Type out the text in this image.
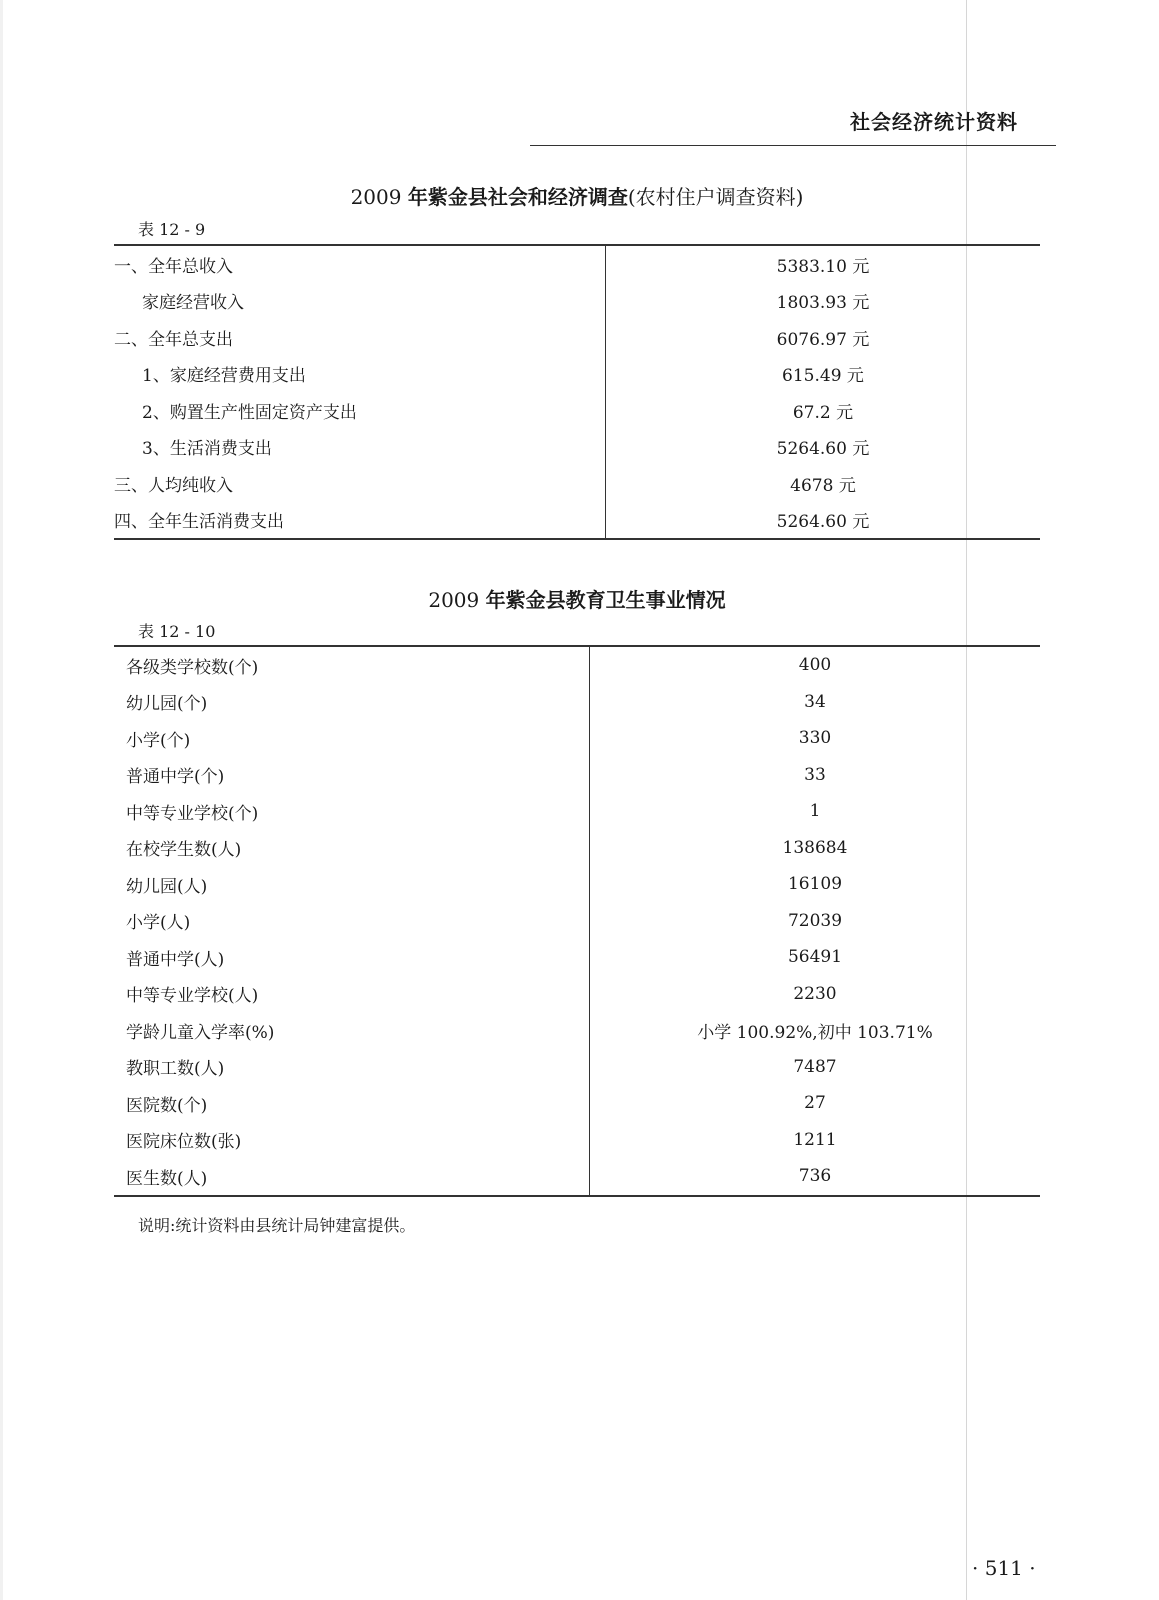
社会经济统计资料
2009 年紫金县社会和经济调查(农村住户调查资料)
表 12 - 9
一、全年总收入	5383.10 元
家庭经营收入	1803.93 元
二、全年总支出	6076.97 元
1、家庭经营费用支出	615.49 元
2、购置生产性固定资产支出	67.2 元
3、生活消费支出	5264.60 元
三、人均纯收入	4678 元
四、全年生活消费支出	5264.60 元
2009 年紫金县教育卫生事业情况
表 12 - 10
各级类学校数(个)	400
幼儿园(个)	34
小学(个)	330
普通中学(个)	33
中等专业学校(个)	1
在校学生数(人)	138684
幼儿园(人)	16109
小学(人)	72039
普通中学(人)	56491
中等专业学校(人)	2230
学龄儿童入学率(%)	小学 100.92%,初中 103.71%
教职工数(人)	7487
医院数(个)	27
医院床位数(张)	1211
医生数(人)	736
说明:统计资料由县统计局钟建富提供。
· 511 ·
